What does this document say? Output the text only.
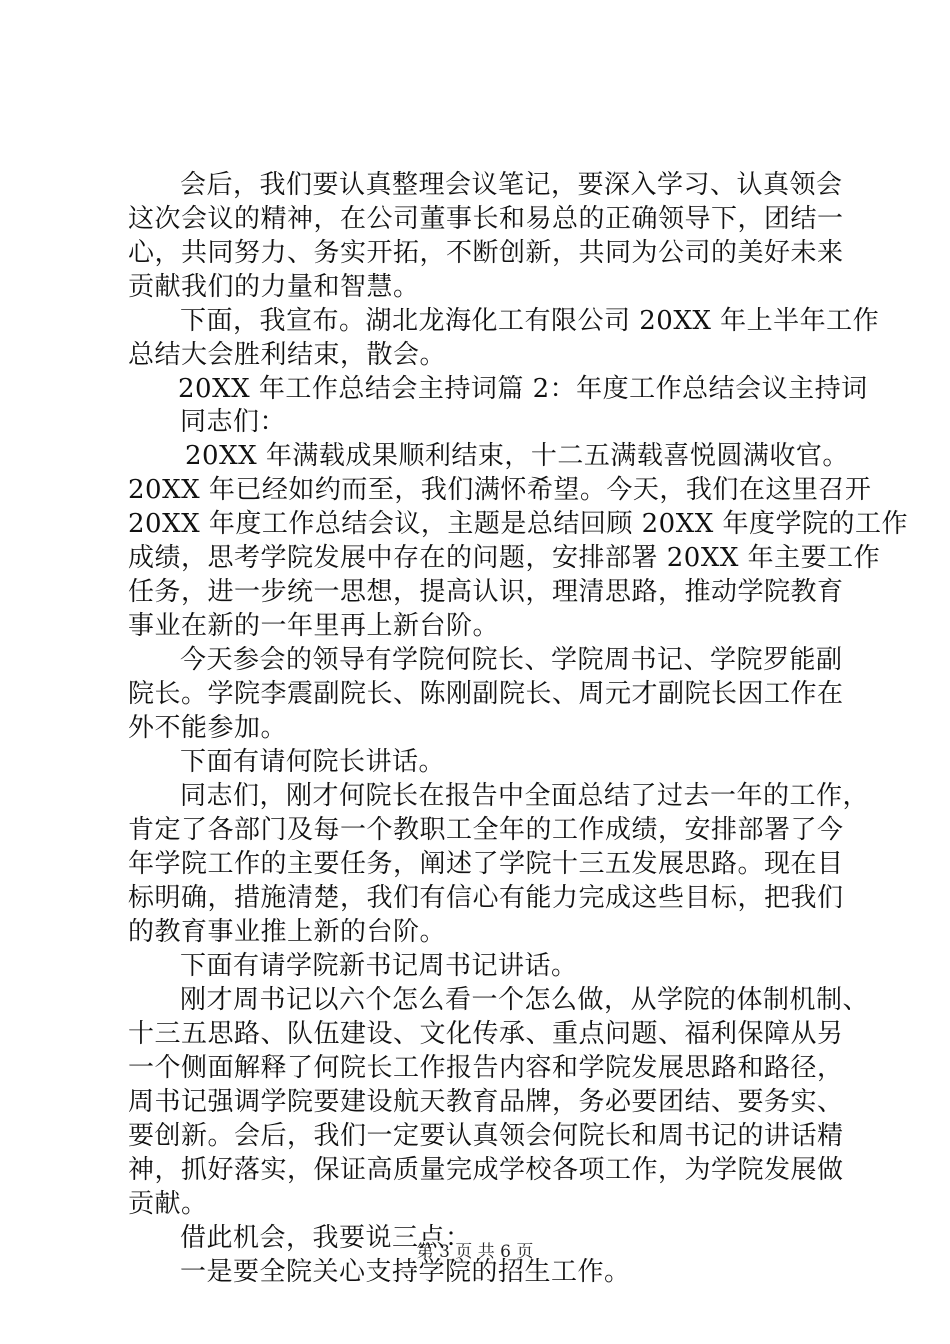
会后，我们要认真整理会议笔记，要深入学习、认真领会
这次会议的精神，在公司董事长和易总的正确领导下，团结一
心，共同努力、务实开拓，不断创新，共同为公司的美好未来
贡献我们的力量和智慧。
下面，我宣布。湖北龙海化工有限公司 20XX 年上半年工作
总结大会胜利结束，散会。
20XX 年工作总结会主持词篇 2：年度工作总结会议主持词
同志们：
20XX 年满载成果顺利结束，十二五满载喜悦圆满收官。
20XX 年已经如约而至，我们满怀希望。今天，我们在这里召开
20XX 年度工作总结会议，主题是总结回顾 20XX 年度学院的工作
成绩，思考学院发展中存在的问题，安排部署 20XX 年主要工作
任务，进一步统一思想，提高认识，理清思路，推动学院教育
事业在新的一年里再上新台阶。
今天参会的领导有学院何院长、学院周书记、学院罗能副
院长。学院李震副院长、陈刚副院长、周元才副院长因工作在
外不能参加。
下面有请何院长讲话。
同志们，刚才何院长在报告中全面总结了过去一年的工作，
肯定了各部门及每一个教职工全年的工作成绩，安排部署了今
年学院工作的主要任务，阐述了学院十三五发展思路。现在目
标明确，措施清楚，我们有信心有能力完成这些目标，把我们
的教育事业推上新的台阶。
下面有请学院新书记周书记讲话。
刚才周书记以六个怎么看一个怎么做，从学院的体制机制、
十三五思路、队伍建设、文化传承、重点问题、福利保障从另
一个侧面解释了何院长工作报告内容和学院发展思路和路径，
周书记强调学院要建设航天教育品牌，务必要团结、要务实、
要创新。会后，我们一定要认真领会何院长和周书记的讲话精
神，抓好落实，保证高质量完成学校各项工作，为学院发展做
贡献。
借此机会，我要说三点：
一是要全院关心支持学院的招生工作。
第 3 页 共 6 页
